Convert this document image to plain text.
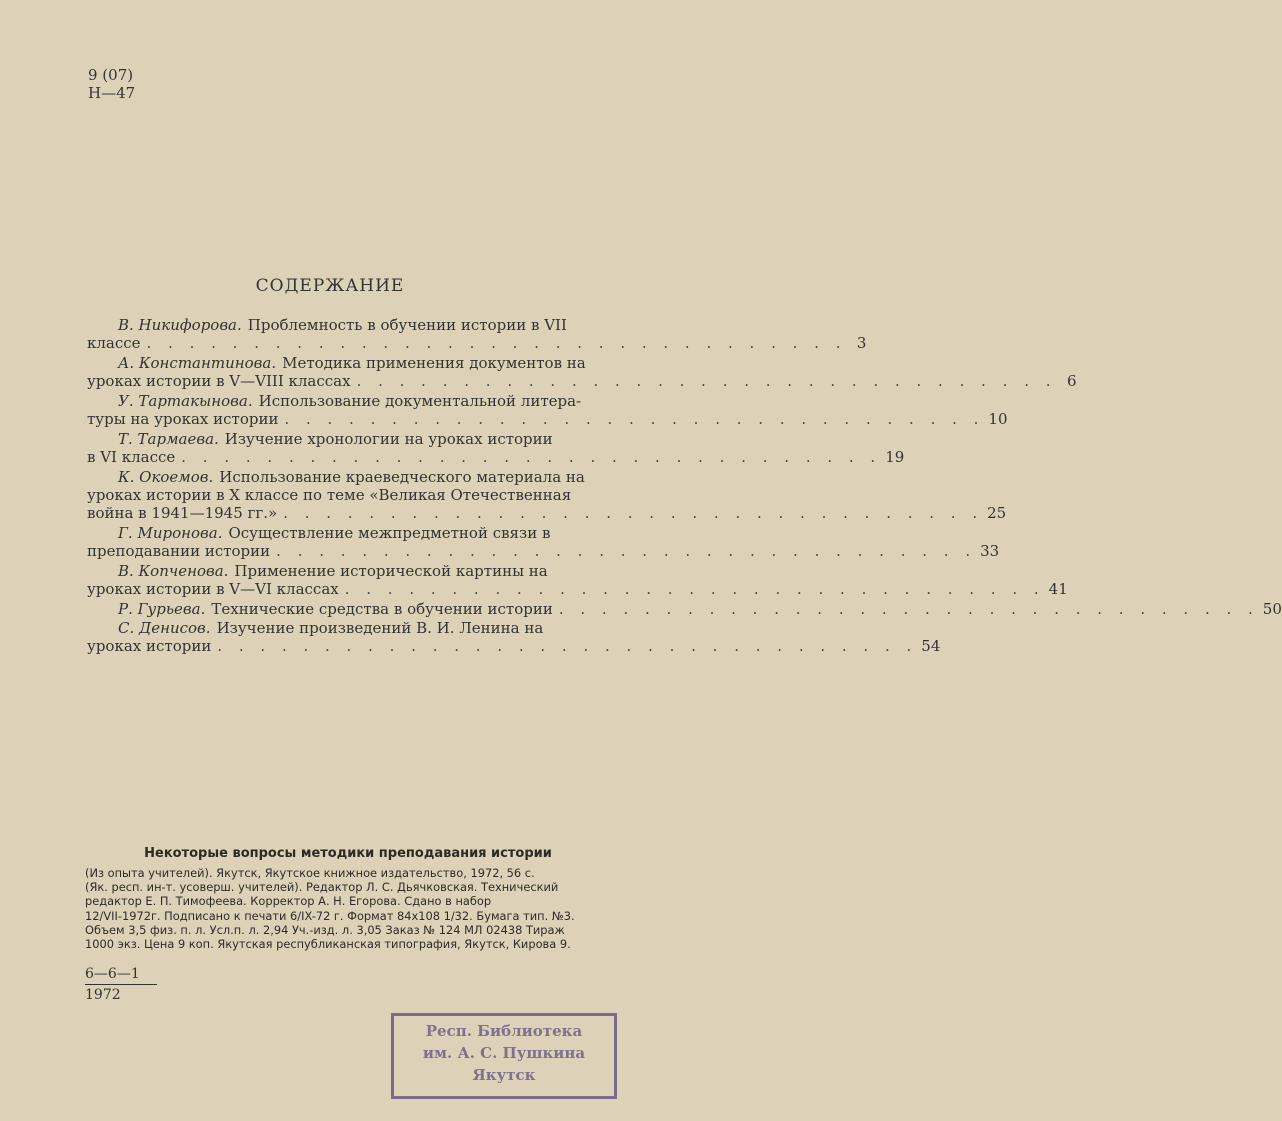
9 (07)
Н—47
СОДЕРЖАНИЕ
В. Никифорова. Проблемность в обучении истории в VII
классе . . . . . . . . . . . . . . . . . . . . . . . . . . . . . . . . . 3
А. Константинова. Методика применения документов на
уроках истории в V—VIII классах . . . . . . . . . . . . . . . . . . . . . . . . . . . . . . . . . 6
У. Тартакынова. Использование документальной литера-
туры на уроках истории . . . . . . . . . . . . . . . . . . . . . . . . . . . . . . . . . 10
Т. Тармаева. Изучение хронологии на уроках истории
в VI классе . . . . . . . . . . . . . . . . . . . . . . . . . . . . . . . . . 19
К. Окоемов. Использование краеведческого материала на
уроках истории в X классе по теме «Великая Отечественная
война в 1941—1945 гг.» . . . . . . . . . . . . . . . . . . . . . . . . . . . . . . . . . 25
Г. Миронова. Осуществление межпредметной связи в
преподавании истории . . . . . . . . . . . . . . . . . . . . . . . . . . . . . . . . . 33
В. Копченова. Применение исторической картины на
уроках истории в V—VI классах . . . . . . . . . . . . . . . . . . . . . . . . . . . . . . . . . 41
Р. Гурьева. Технические средства в обучении истории . . . . . . . . . . . . . . . . . . . . . . . . . . . . . . . . . 50
С. Денисов. Изучение произведений В. И. Ленина на
уроках истории . . . . . . . . . . . . . . . . . . . . . . . . . . . . . . . . . 54
Некоторые вопросы методики преподавания истории
(Из опыта учителей). Якутск, Якутское книжное издательство, 1972, 56 с.
(Як. респ. ин-т. усоверш. учителей). Редактор Л. С. Дьячковская. Технический
редактор Е. П. Тимофеева. Корректор А. Н. Егорова. Сдано в набор
12/VII-1972г. Подписано к печати 6/IX-72 г. Формат 84x108 1/32. Бумага тип. №3.
Объем 3,5 физ. п. л. Усл.п. л. 2,94 Уч.-изд. л. 3,05 Заказ № 124 МЛ 02438 Тираж
1000 экз. Цена 9 коп. Якутская республиканская типография, Якутск, Кирова 9.
6—6—1
1972
Респ. Библиотека
им. А. С. Пушкина
Якутск
